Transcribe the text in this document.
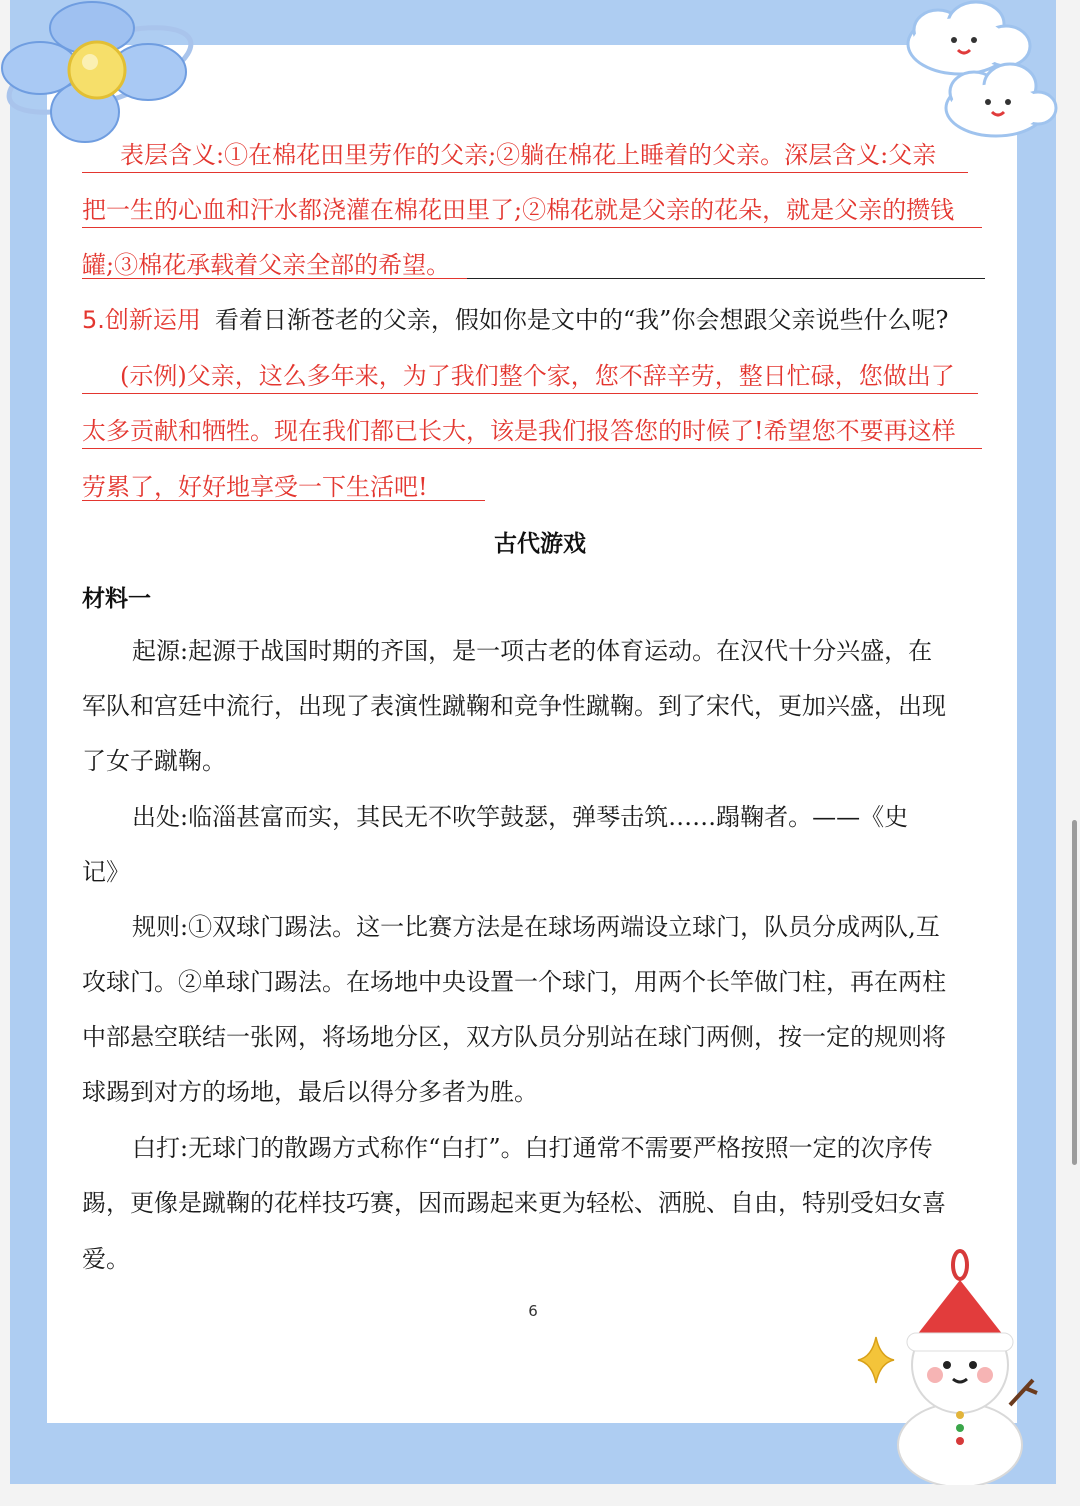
表层含义:①在棉花田里劳作的父亲;②躺在棉花上睡着的父亲。深层含义:父亲
把一生的心血和汗水都浇灌在棉花田里了;②棉花就是父亲的花朵，就是父亲的攒钱
罐;③棉花承载着父亲全部的希望。
5.创新运用 看着日渐苍老的父亲，假如你是文中的“我”你会想跟父亲说些什么呢?
(示例)父亲，这么多年来，为了我们整个家，您不辞辛劳，整日忙碌，您做出了
太多贡献和牺牲。现在我们都已长大，该是我们报答您的时候了!希望您不要再这样
劳累了，好好地享受一下生活吧!
古代游戏
材料一
起源:起源于战国时期的齐国，是一项古老的体育运动。在汉代十分兴盛，在
军队和宫廷中流行，出现了表演性蹴鞠和竞争性蹴鞠。到了宋代，更加兴盛，出现
了女子蹴鞠。
出处:临淄甚富而实，其民无不吹竽鼓瑟，弹琴击筑……蹋鞠者。——《史
记》
规则:①双球门踢法。这一比赛方法是在球场两端设立球门，队员分成两队,互
攻球门。②单球门踢法。在场地中央设置一个球门，用两个长竿做门柱，再在两柱
中部悬空联结一张网，将场地分区，双方队员分别站在球门两侧，按一定的规则将
球踢到对方的场地，最后以得分多者为胜。
白打:无球门的散踢方式称作“白打”。白打通常不需要严格按照一定的次序传
踢，更像是蹴鞠的花样技巧赛，因而踢起来更为轻松、洒脱、自由，特别受妇女喜
爱。
6
